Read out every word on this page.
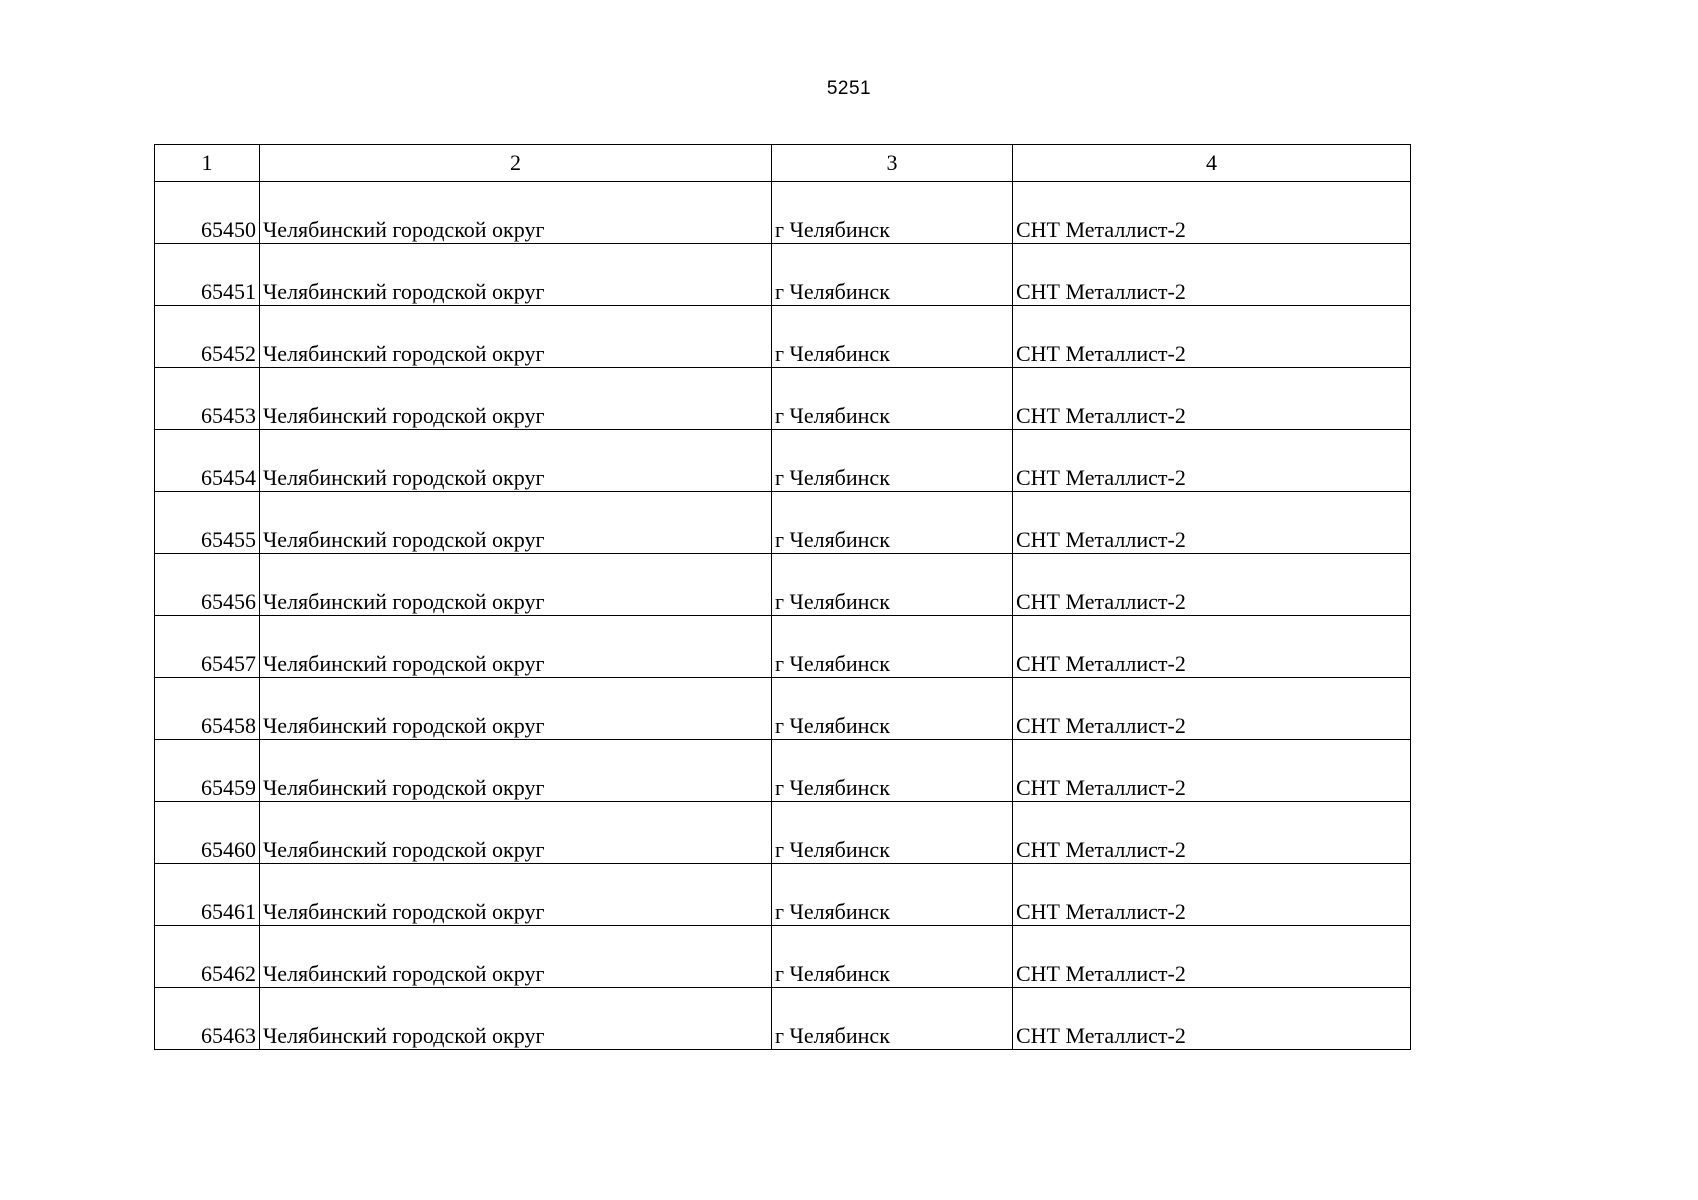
5251
1	2	3	4
65450	Челябинский городской округ	г Челябинск	СНТ Металлист-2
65451	Челябинский городской округ	г Челябинск	СНТ Металлист-2
65452	Челябинский городской округ	г Челябинск	СНТ Металлист-2
65453	Челябинский городской округ	г Челябинск	СНТ Металлист-2
65454	Челябинский городской округ	г Челябинск	СНТ Металлист-2
65455	Челябинский городской округ	г Челябинск	СНТ Металлист-2
65456	Челябинский городской округ	г Челябинск	СНТ Металлист-2
65457	Челябинский городской округ	г Челябинск	СНТ Металлист-2
65458	Челябинский городской округ	г Челябинск	СНТ Металлист-2
65459	Челябинский городской округ	г Челябинск	СНТ Металлист-2
65460	Челябинский городской округ	г Челябинск	СНТ Металлист-2
65461	Челябинский городской округ	г Челябинск	СНТ Металлист-2
65462	Челябинский городской округ	г Челябинск	СНТ Металлист-2
65463	Челябинский городской округ	г Челябинск	СНТ Металлист-2
